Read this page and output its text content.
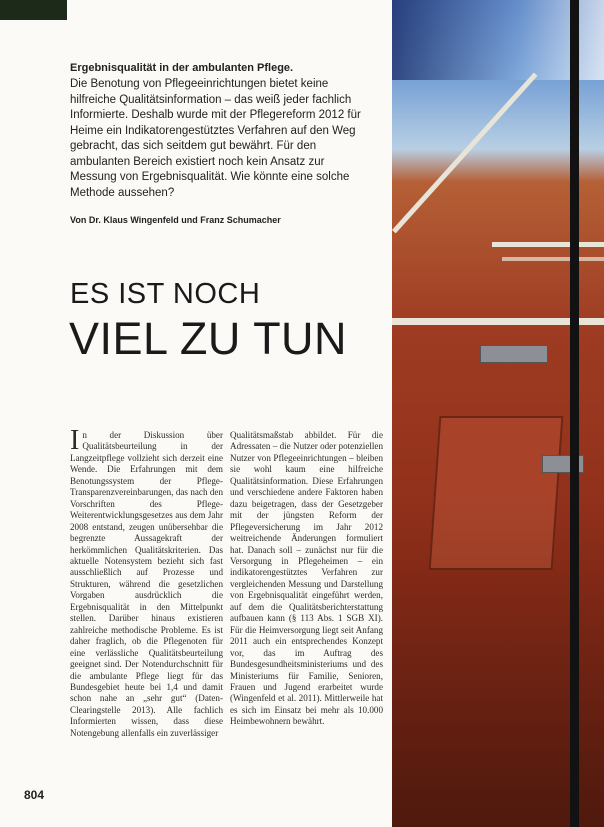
Ergebnisqualität in der ambulanten Pflege.
Die Benotung von Pflegeeinrichtungen bietet keine hilfreiche Qualitätsinformation – das weiß jeder fachlich Informierte. Deshalb wurde mit der Pflegereform 2012 für Heime ein Indikatorengestütztes Verfahren auf den Weg gebracht, das sich seitdem gut bewährt. Für den ambulanten Bereich existiert noch kein Ansatz zur Messung von Ergebnisqualität. Wie könnte eine solche Methode aussehen?
Von Dr. Klaus Wingenfeld und Franz Schumacher
ES IST NOCH
VIEL ZU TUN
In der Diskussion über Qualitätsbeurteilung in der Langzeitpflege vollzieht sich derzeit eine Wende. Die Erfahrungen mit dem Benotungssystem der Pflege-Transparenzvereinbarungen, das nach den Vorschriften des Pflege-Weiterentwicklungsgesetzes aus dem Jahr 2008 entstand, zeugen unübersehbar die begrenzte Aussagekraft der herkömmlichen Qualitätskriterien. Das aktuelle Notensystem bezieht sich fast ausschließlich auf Prozesse und Strukturen, während die gesetzlichen Vorgaben ausdrücklich die Ergebnisqualität in den Mittelpunkt stellen. Darüber hinaus existieren zahlreiche methodische Probleme. Es ist daher fraglich, ob die Pflegenoten für eine verlässliche Qualitätsbeurteilung geeignet sind. Der Notendurchschnitt für die ambulante Pflege liegt für das Bundesgebiet heute bei 1,4 und damit schon nahe an „sehr gut“ (Daten-Clearingstelle 2013). Alle fachlich Informierten wissen, dass diese Notengebung allenfalls ein zuverlässiger
Qualitätsmaßstab abbildet. Für die Adressaten – die Nutzer oder potenziellen Nutzer von Pflegeeinrichtungen – bleiben sie wohl kaum eine hilfreiche Qualitätsinformation. Diese Erfahrungen und verschiedene andere Faktoren haben dazu beigetragen, dass der Gesetzgeber mit der jüngsten Reform der Pflegeversicherung im Jahr 2012 weitreichende Änderungen formuliert hat. Danach soll – zunächst nur für die Versorgung in Pflegeheimen – ein indikatorengestütztes Verfahren zur vergleichenden Messung und Darstellung von Ergebnisqualität eingeführt werden, auf dem die Qualitätsberichterstattung aufbauen kann (§ 113 Abs. 1 SGB XI). Für die Heimversorgung liegt seit Anfang 2011 auch ein entsprechendes Konzept vor, das im Auftrag des Bundesgesundheitsministeriums und des Ministeriums für Familie, Senioren, Frauen und Jugend erarbeitet wurde (Wingenfeld et al. 2011). Mittlerweile hat es sich im Einsatz bei mehr als 10.000 Heimbewohnern bewährt.
804
